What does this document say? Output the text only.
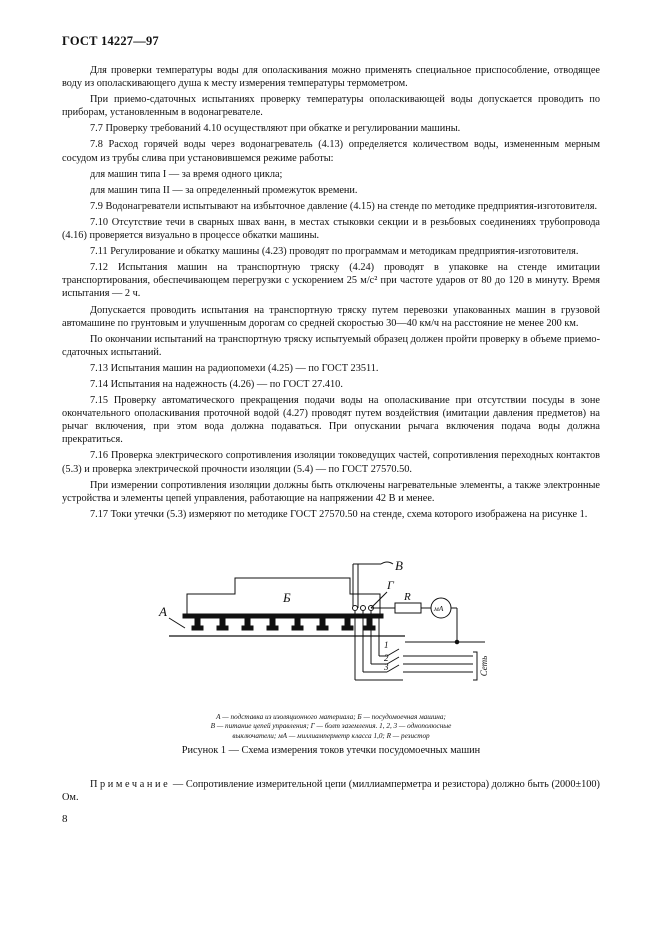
ГОСТ 14227—97

Для проверки температуры воды для ополаскивания можно применять специальное приспособление, отводящее воду из ополаскивающего душа к месту измерения температуры термометром.

При приемо-сдаточных испытаниях проверку температуры ополаскивающей воды допускается проводить по приборам, установленным в водонагревателе.

7.7 Проверку требований 4.10 осуществляют при обкатке и регулировании машины.

7.8 Расход горячей воды через водонагреватель (4.13) определяется количеством воды, измененным мерным сосудом из трубы слива при установившемся режиме работы:

для машин типа I — за время одного цикла;

для машин типа II — за определенный промежуток времени.

7.9 Водонагреватели испытывают на избыточное давление (4.15) на стенде по методике предприятия-изготовителя.

7.10 Отсутствие течи в сварных швах ванн, в местах стыковки секции и в резьбовых соединениях трубопровода (4.16) проверяется визуально в процессе обкатки машины.

7.11 Регулирование и обкатку машины (4.23) проводят по программам и методикам предприятия-изготовителя.

7.12 Испытания машин на транспортную тряску (4.24) проводят в упаковке на стенде имитации транспортирования, обеспечивающем перегрузки с ускорением 25 м/с² при частоте ударов от 80 до 120 в минуту. Время испытания — 2 ч.

Допускается проводить испытания на транспортную тряску путем перевозки упакованных машин в грузовой автомашине по грунтовым и улучшенным дорогам со средней скоростью 30—40 км/ч на расстояние не менее 200 км.

По окончании испытаний на транспортную тряску испытуемый образец должен пройти проверку в объеме приемо-сдаточных испытаний.

7.13 Испытания машин на радиопомехи (4.25) — по ГОСТ 23511.

7.14 Испытания на надежность (4.26) — по ГОСТ 27.410.

7.15 Проверку автоматического прекращения подачи воды на ополаскивание при отсутствии посуды в зоне окончательного ополаскивания проточной водой (4.27) проводят путем воздействия (имитации давления предметов) на рычаг включения, при этом вода должна подаваться. При опускании рычага включения подача воды должна прекратиться.

7.16 Проверка электрического сопротивления изоляции токоведущих частей, сопротивления переходных контактов (5.3) и проверка электрической прочности изоляции (5.4) — по ГОСТ 27570.50.

При измерении сопротивления изоляции должны быть отключены нагревательные элементы, а также электронные устройства и элементы цепей управления, работающие на напряжении 42 В и менее.

7.17 Токи утечки (5.3) измеряют по методике ГОСТ 27570.50 на стенде, схема которого изображена на рисунке 1.

А
Б
В
Г
R
мА
1
2
3	Сеть
А — подставка из изоляционного материала; Б — посудомоечная машина;
В — питание цепей управления; Г — болт заземления. 1, 2, 3 — однополюсные
выключатели; мА — миллиамперметр класса 1,0; R — резистор
Рисунок 1 — Схема измерения токов утечки посудомоечных машин
Примечание — Сопротивление измерительной цепи (миллиамперметра и резистора) должно быть (2000±100) Ом.
8
